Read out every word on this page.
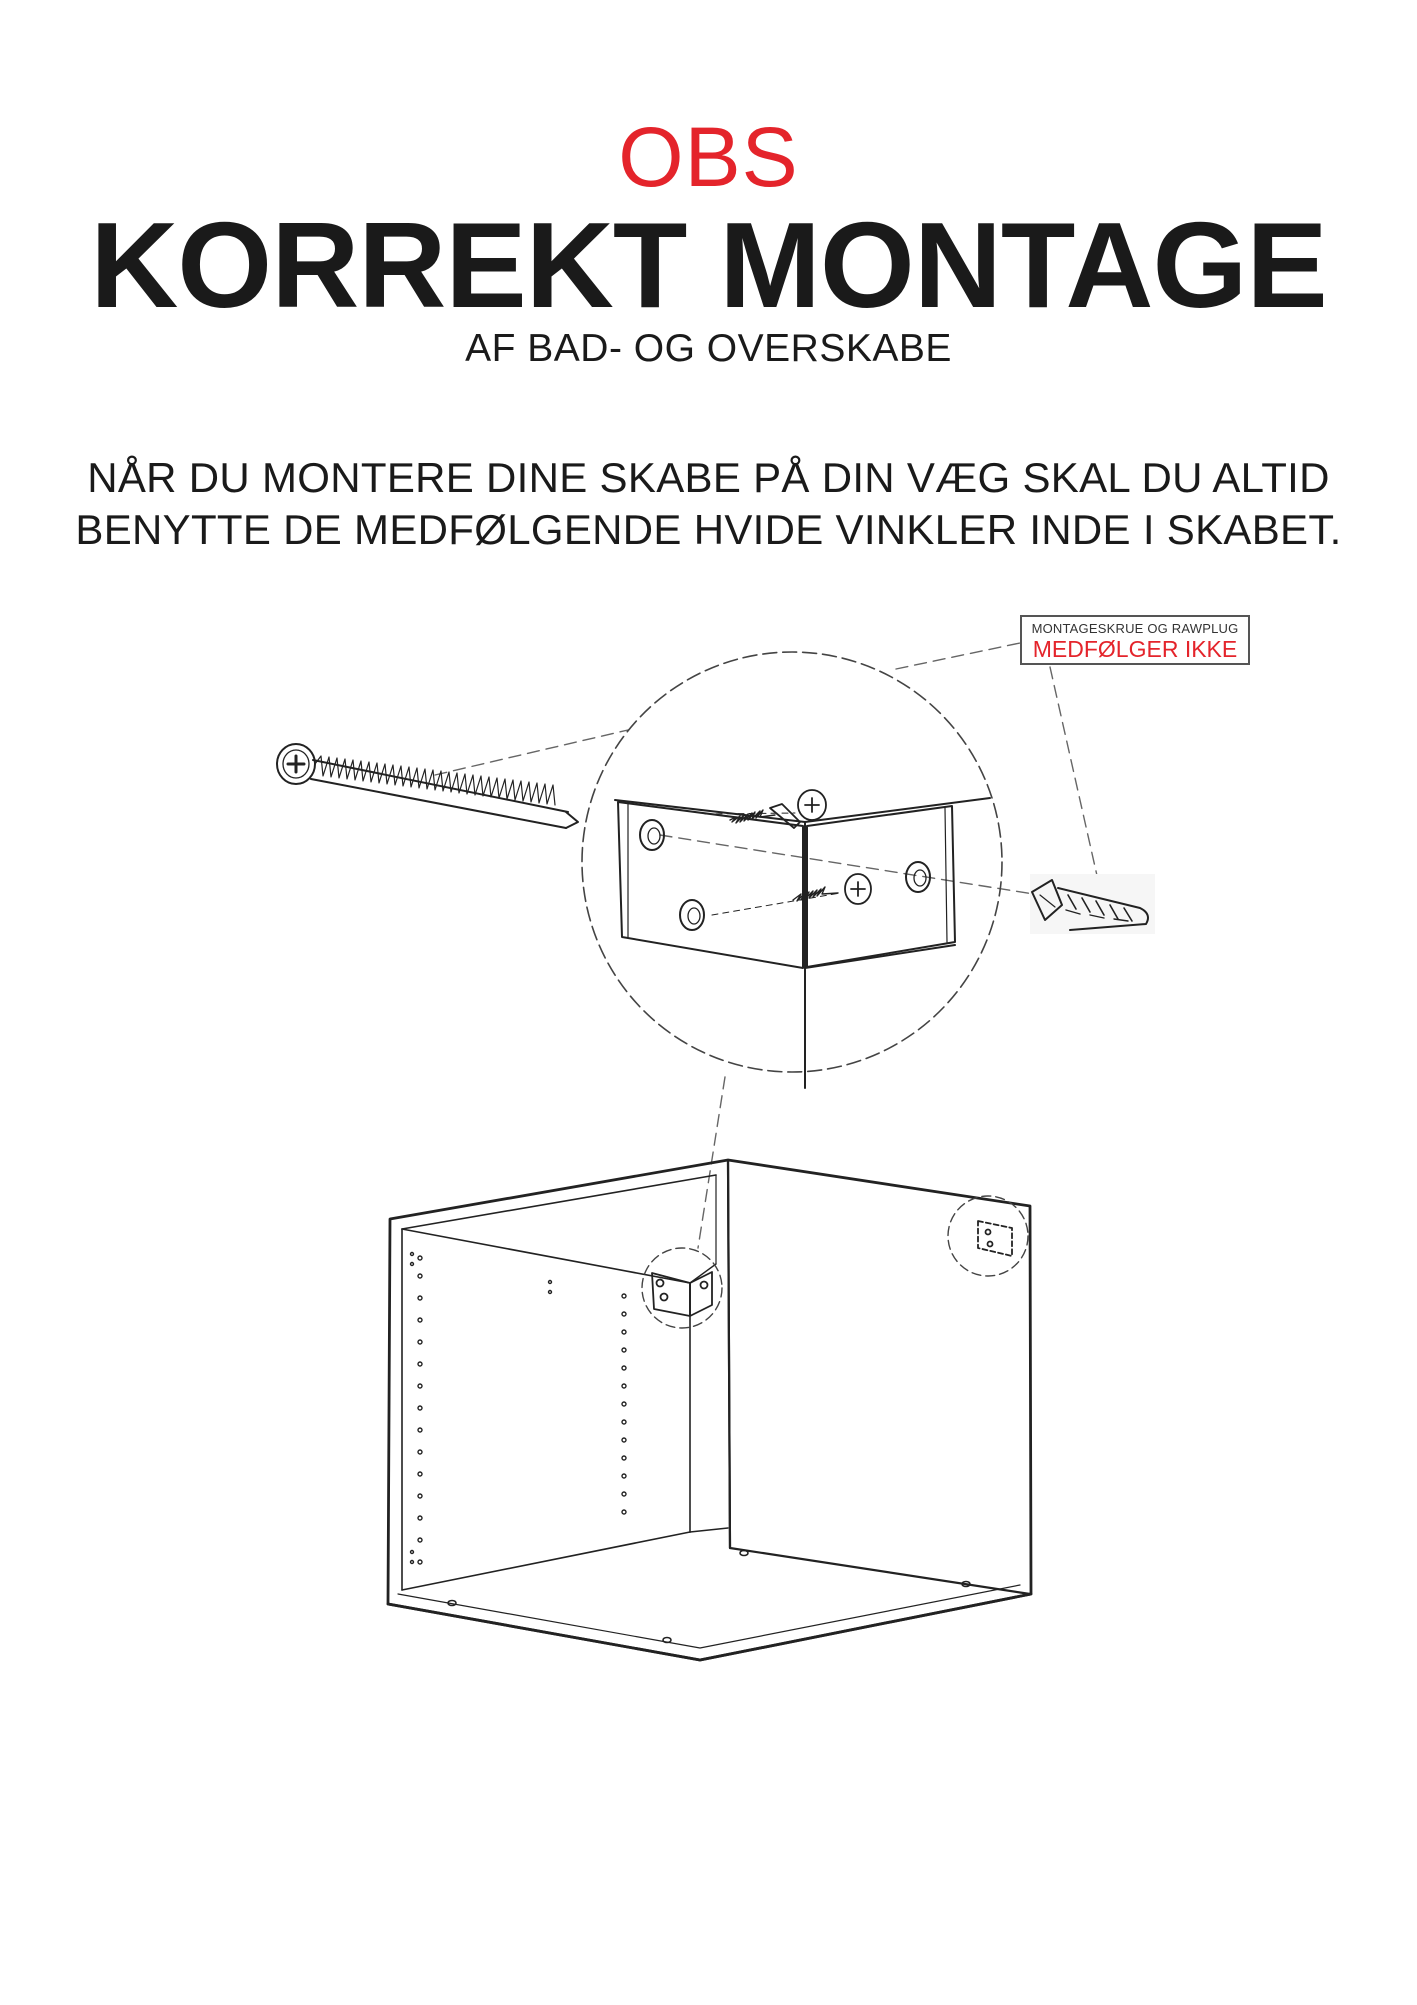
OBS
KORREKT MONTAGE
AF BAD- OG OVERSKABE
NÅR DU MONTERE DINE SKABE PÅ DIN VÆG SKAL DU ALTID
BENYTTE DE MEDFØLGENDE HVIDE VINKLER INDE I SKABET.
MONTAGESKRUE OG RAWPLUG
MEDFØLGER IKKE
